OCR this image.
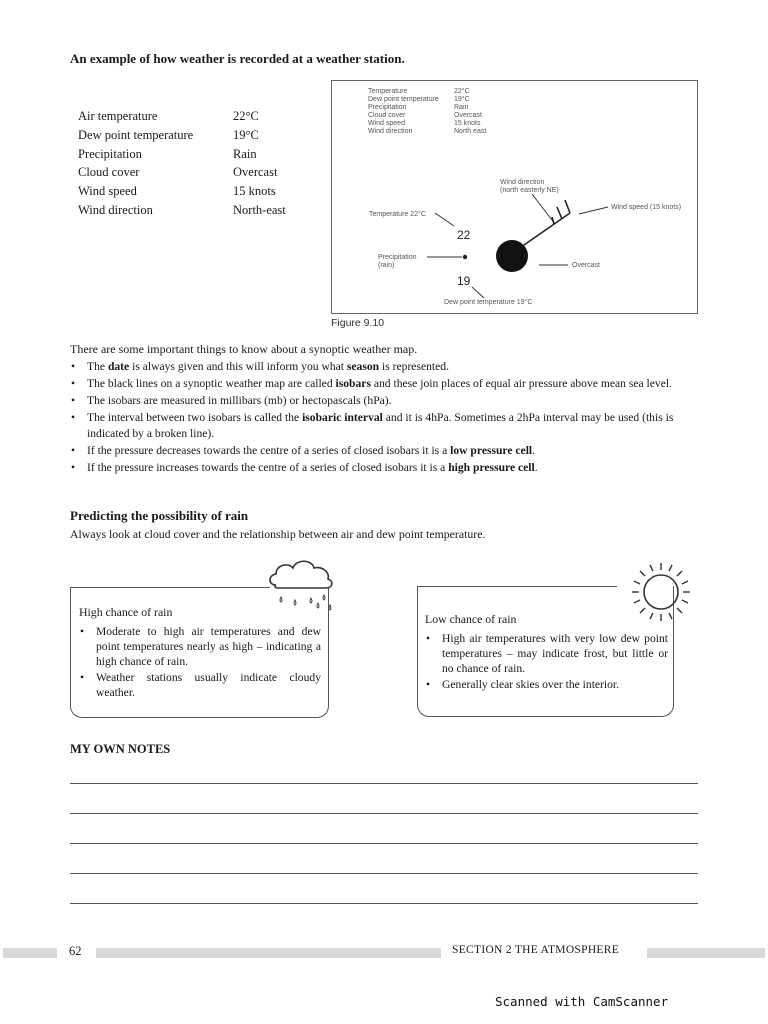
An example of how weather is recorded at a weather station.
Air temperature	22°C
Dew point temperature	19°C
Precipitation	Rain
Cloud cover	Overcast
Wind speed	15 knots
Wind direction	North-east
Temperature	22°C
Dew point temperature 19°C
Precipitation	Rain
Cloud cover	Overcast
Wind speed	15 knots
Wind direction	North east
Wind direction
(north easterly NE)
Wind speed (15 knots)
Temperature 22°C
Precipitation
(rain)	Overcast
Dew point temperature 19°C
22
19
Figure 9.10
There are some important things to know about a synoptic weather map.
• The date is always given and this will inform you what season is represented.
• The black lines on a synoptic weather map are called isobars and these join places of equal air pressure above mean sea level.
• The isobars are measured in millibars (mb) or hectopascals (hPa).
• The interval between two isobars is called the isobaric interval and it is 4hPa. Sometimes a 2hPa interval may be used (this is indicated by a broken line).
• If the pressure decreases towards the centre of a series of closed isobars it is a low pressure cell.
• If the pressure increases towards the centre of a series of closed isobars it is a high pressure cell.
Predicting the possibility of rain
Always look at cloud cover and the relationship between air and dew point temperature.
High chance of rain
• Moderate to high air temperatures and dew point temperatures nearly as high – indicating a high chance of rain.
• Weather stations usually indicate cloudy weather.
Low chance of rain
• High air temperatures with very low dew point temperatures – may indicate frost, but little or no chance of rain.
• Generally clear skies over the interior.
MY OWN NOTES
62	SECTION 2 THE ATMOSPHERE
Scanned with CamScanner
